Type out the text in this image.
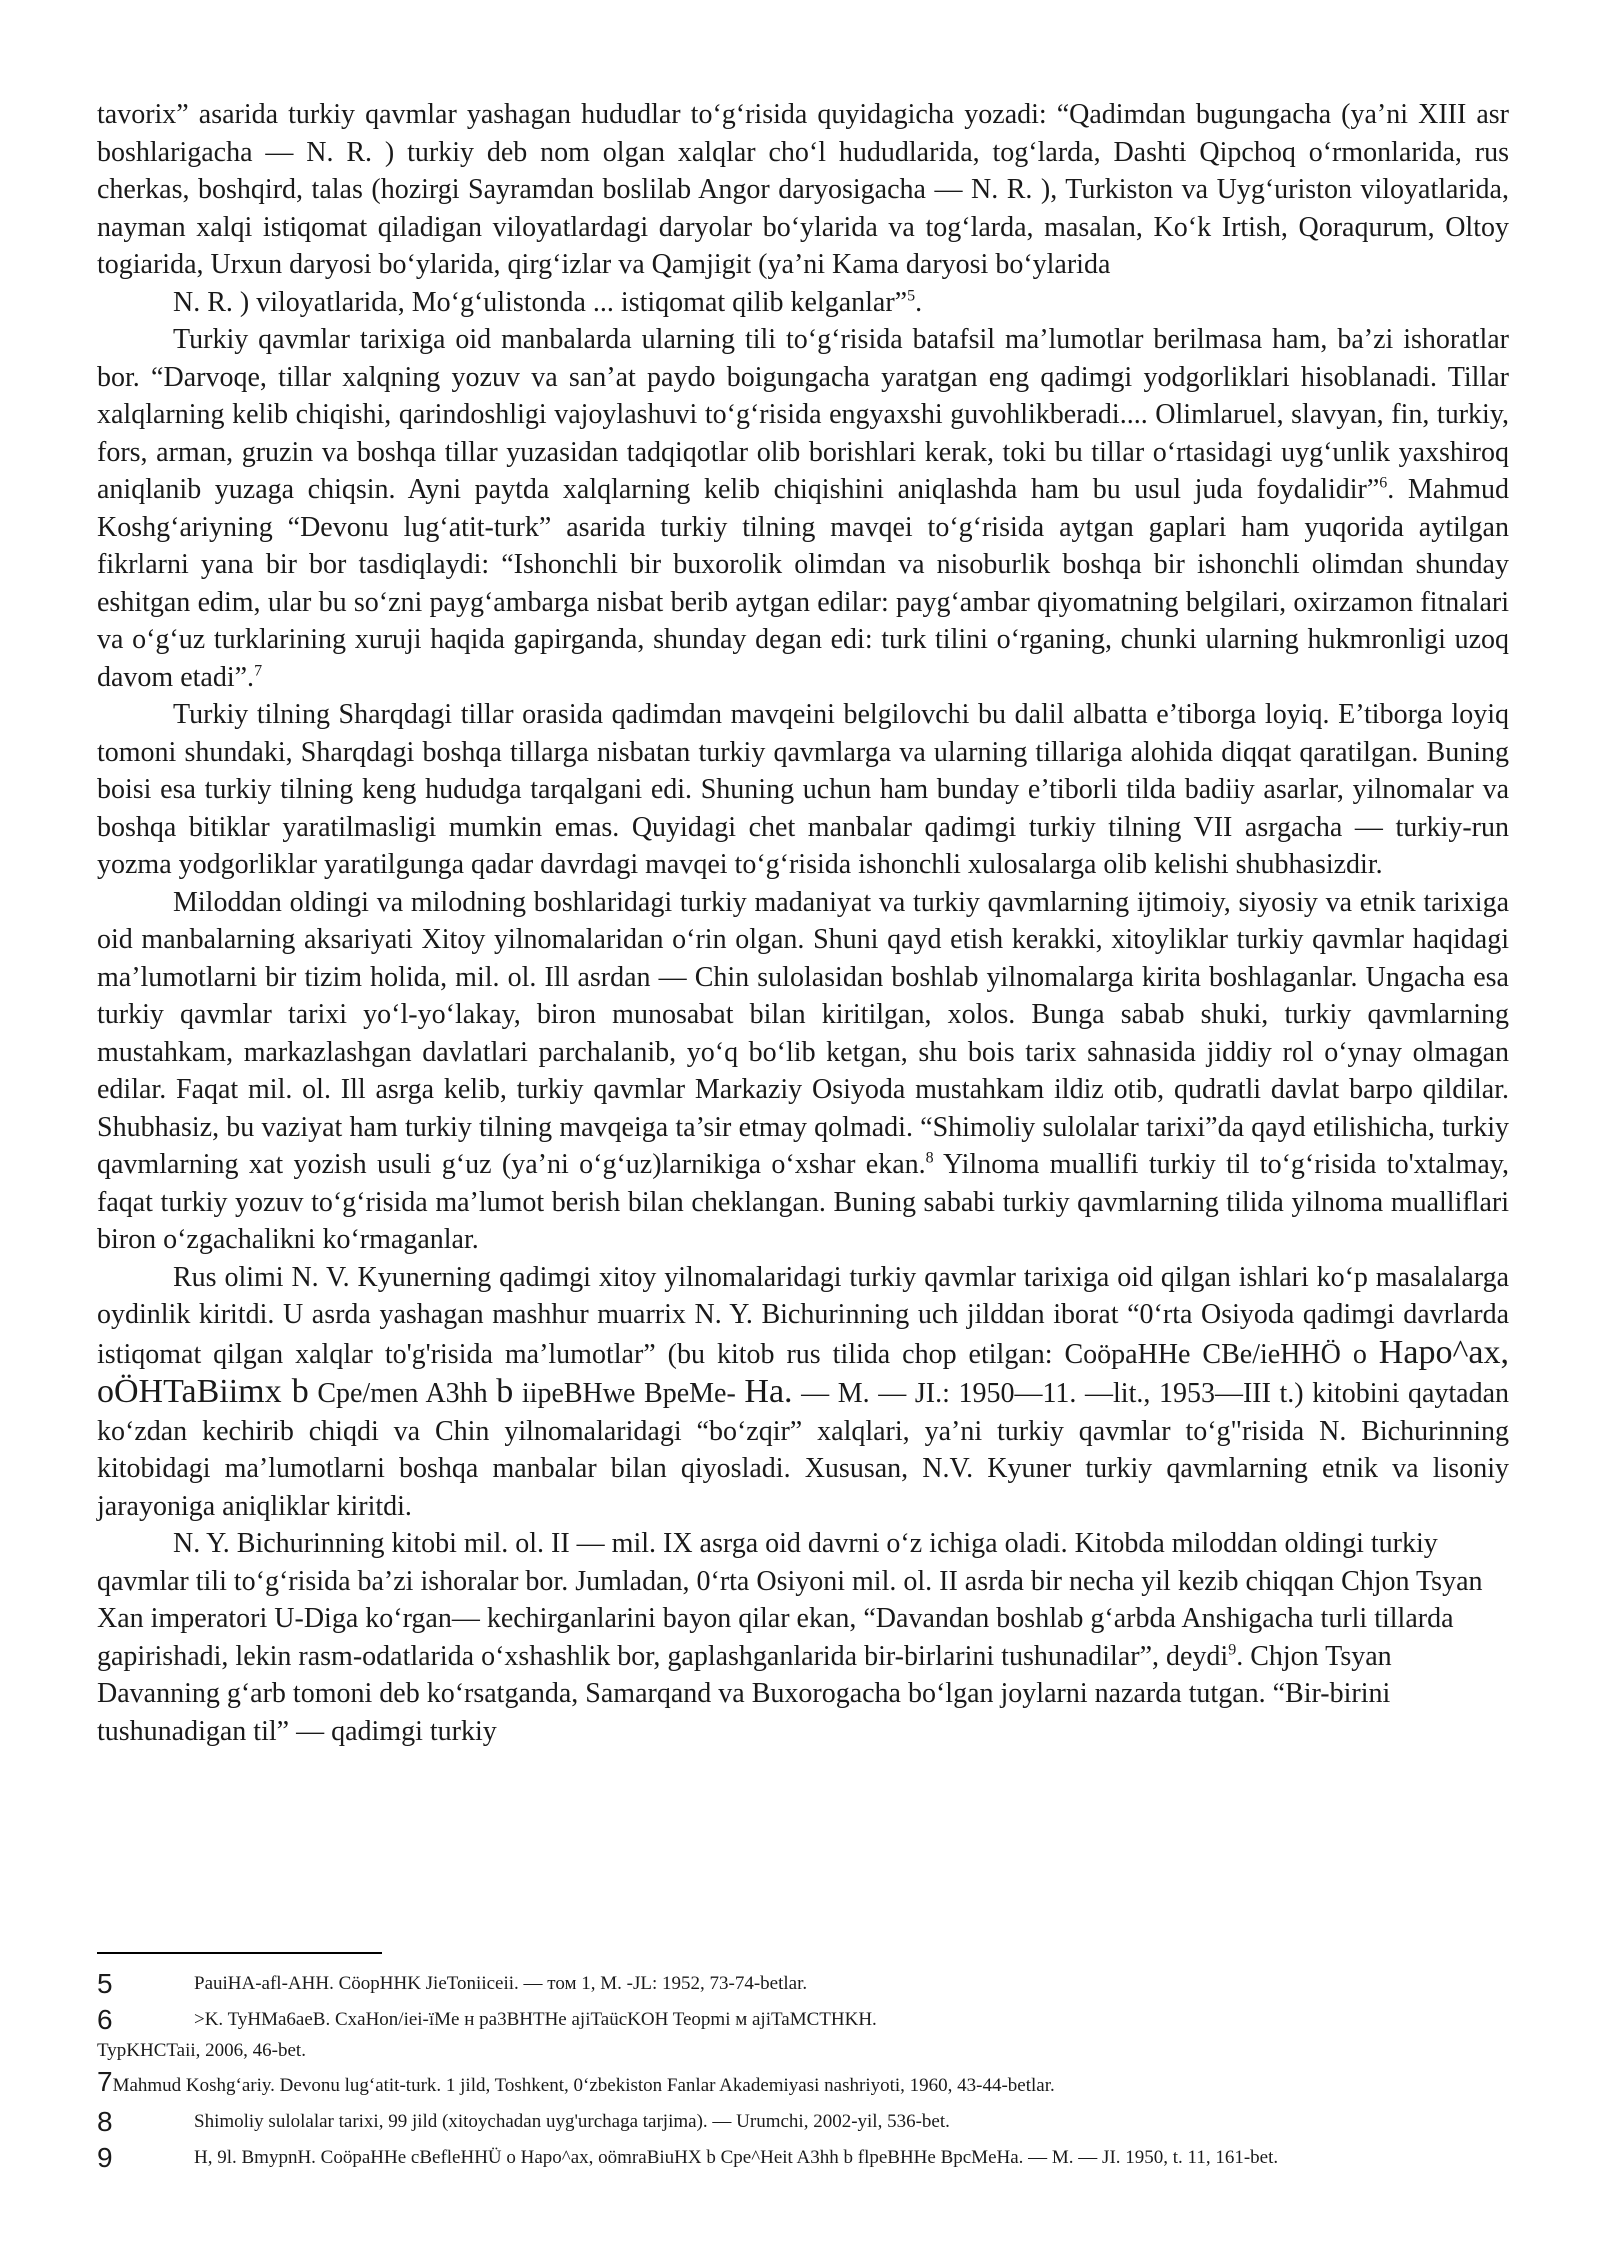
tavorix” asarida turkiy qavmlar yashagan hududlar to‘g‘risida quyidagicha yozadi: “Qadimdan bugungacha (ya’ni XIII asr boshlarigacha — N. R. ) turkiy deb nom olgan xalqlar cho‘l hududlarida, tog‘larda, Dashti Qipchoq o‘rmonlarida, rus cherkas, boshqird, talas (hozirgi Sayramdan boslilab Angor daryosigacha — N. R. ), Turkiston va Uyg‘uriston viloyatlarida, nayman xalqi istiqomat qiladigan viloyatlardagi daryolar bo‘ylarida va tog‘larda, masalan, Ko‘k Irtish, Qoraqurum, Oltoy togiarida, Urxun daryosi bo‘ylarida, qirg‘izlar va Qamjigit (ya’ni Kama daryosi bo‘ylarida

N. R. ) viloyatlarida, Mo‘g‘ulistonda ... istiqomat qilib kelganlar”$^5$.

Turkiy qavmlar tarixiga oid manbalarda ularning tili to‘g‘risida batafsil ma’lumotlar berilmasa ham, ba’zi ishoratlar bor. “Darvoqe, tillar xalqning yozuv va san’at paydo boigungacha yaratgan eng qadimgi yodgorliklari hisoblanadi. Tillar xalqlarning kelib chiqishi, qarindoshligi vajoylashuvi to‘g‘risida engyaxshi guvohlikberadi.... Olimlaruel, slavyan, fin, turkiy, fors, arman, gruzin va boshqa tillar yuzasidan tadqiqotlar olib borishlari kerak, toki bu tillar o‘rtasidagi uyg‘unlik yaxshiroq aniqlanib yuzaga chiqsin. Ayni paytda xalqlarning kelib chiqishini aniqlashda ham bu usul juda foydalidir”$^6$. Mahmud Koshg‘ariyning “Devonu lug‘atit-turk” asarida turkiy tilning mavqei to‘g‘risida aytgan gaplari ham yuqorida aytilgan fikrlarni yana bir bor tasdiqlaydi: “Ishonchli bir buxorolik olimdan va nisoburlik boshqa bir ishonchli olimdan shunday eshitgan edim, ular bu so‘zni payg‘ambarga nisbat berib aytgan edilar: payg‘ambar qiyomatning belgilari, oxirzamon fitnalari va o‘g‘uz turklarining xuruji haqida gapirganda, shunday degan edi: turk tilini o‘rganing, chunki ularning hukmronligi uzoq davom etadi”.$^7$

Turkiy tilning Sharqdagi tillar orasida qadimdan mavqeini belgilovchi bu dalil albatta e’tiborga loyiq. E’tiborga loyiq tomoni shundaki, Sharqdagi boshqa tillarga nisbatan turkiy qavmlarga va ularning tillariga alohida diqqat qaratilgan. Buning boisi esa turkiy tilning keng hududga tarqalgani edi. Shuning uchun ham bunday e’tiborli tilda badiiy asarlar, yilnomalar va boshqa bitiklar yaratilmasligi mumkin emas. Quyidagi chet manbalar qadimgi turkiy tilning VII asrgacha — turkiy-run yozma yodgorliklar yaratilgunga qadar davrdagi mavqei to‘g‘risida ishonchli xulosalarga olib kelishi shubhasizdir.

Miloddan oldingi va milodning boshlaridagi turkiy madaniyat va turkiy qavmlarning ijtimoiy, siyosiy va etnik tarixiga oid manbalarning aksariyati Xitoy yilnomalaridan o‘rin olgan. Shuni qayd etish kerakki, xitoyliklar turkiy qavmlar haqidagi ma’lumotlarni bir tizim holida, mil. ol. Ill asrdan — Chin sulolasidan boshlab yilnomalarga kirita boshlaganlar. Ungacha esa turkiy qavmlar tarixi yo‘l-yo‘lakay, biron munosabat bilan kiritilgan, xolos. Bunga sabab shuki, turkiy qavmlarning mustahkam, markazlashgan davlatlari parchalanib, yo‘q bo‘lib ketgan, shu bois tarix sahnasida jiddiy rol o‘ynay olmagan edilar. Faqat mil. ol. Ill asrga kelib, turkiy qavmlar Markaziy Osiyoda mustahkam ildiz otib, qudratli davlat barpo qildilar. Shubhasiz, bu vaziyat ham turkiy tilning mavqeiga ta’sir etmay qolmadi. “Shimoliy sulolalar tarixi”da qayd etilishicha, turkiy qavmlarning xat yozish usuli g‘uz (ya’ni o‘g‘uz)larnikiga o‘xshar ekan.$^8$ Yilnoma muallifi turkiy til to‘g‘risida to'xtalmay, faqat turkiy yozuv to‘g‘risida ma’lumot berish bilan cheklangan. Buning sababi turkiy qavmlarning tilida yilnoma mualliflari biron o‘zgachalikni ko‘rmaganlar.

Rus olimi N. V. Kyunerning qadimgi xitoy yilnomalaridagi turkiy qavmlar tarixiga oid qilgan ishlari ko‘p masalalarga oydinlik kiritdi. U asrda yashagan mashhur muarrix N. Y. Bichurinning uch jilddan iborat “0‘rta Osiyoda qadimgi davrlarda istiqomat qilgan xalqlar to'g'risida ma’lumotlar” (bu kitob rus tilida chop etilgan: CoöpaHHe CBe/ieHHÖ o Hapo^ax, oÖHTaBiimx b Cpe/men A3hh b iipeBHwe BpeMe- Ha. — M. — JI.: 1950—11. —lit., 1953—III t.) kitobini qaytadan ko‘zdan kechirib chiqdi va Chin yilnomalaridagi “bo‘zqir” xalqlari, ya’ni turkiy qavmlar to‘g"risida N. Bichurinning kitobidagi ma’lumotlarni boshqa manbalar bilan qiyosladi. Xususan, N.V. Kyuner turkiy qavmlarning etnik va lisoniy jarayoniga aniqliklar kiritdi.

N. Y. Bichurinning kitobi mil. ol. II — mil. IX asrga oid davrni o‘z ichiga oladi. Kitobda miloddan oldingi turkiy qavmlar tili to‘g‘risida ba’zi ishoralar bor. Jumladan, 0‘rta Osiyoni mil. ol. II asrda bir necha yil kezib chiqqan Chjon Tsyan Xan imperatori U-Diga ko‘rgan— kechirganlarini bayon qilar ekan, “Davandan boshlab g‘arbda Anshigacha turli tillarda gapirishadi, lekin rasm-odatlarida o‘xshashlik bor, gaplashganlarida bir-birlarini tushunadilar”, deydi$^9$. Chjon Tsyan Davanning g‘arb tomoni deb ko‘rsatganda, Samarqand va Buxorogacha bo‘lgan joylarni nazarda tutgan. “Bir-birini tushunadigan til” — qadimgi turkiy

5	PauiHA-afl-AHH. CöopHHK JieToniiceii. — том 1, M. -JL: 1952, 73-74-betlar.
6	>K. TyHMa6aeB. CxaHon/iei-ïMe н pa3BHTHe ajiTaücKOH Teopmi м ajiTaMCTHKH.
TypKHCTaii, 2006, 46-bet.
7Mahmud Koshg‘ariy. Devonu lug‘atit-turk. 1 jild, Toshkent, 0‘zbekiston Fanlar Akademiyasi nashriyoti, 1960, 43-44-betlar.
8	Shimoliy sulolalar tarixi, 99 jild (xitoychadan uyg'urchaga tarjima). — Urumchi, 2002-yil, 536-bet.
9	H, 9l. BmypnH. CoöpaHHe cBefleHHÜ o Hapo^ax, oömraBiuHX b Cpe^Heit A3hh b flpeBHHe BpcMeHa. — M. — JI. 1950, t. 11, 161-bet.
